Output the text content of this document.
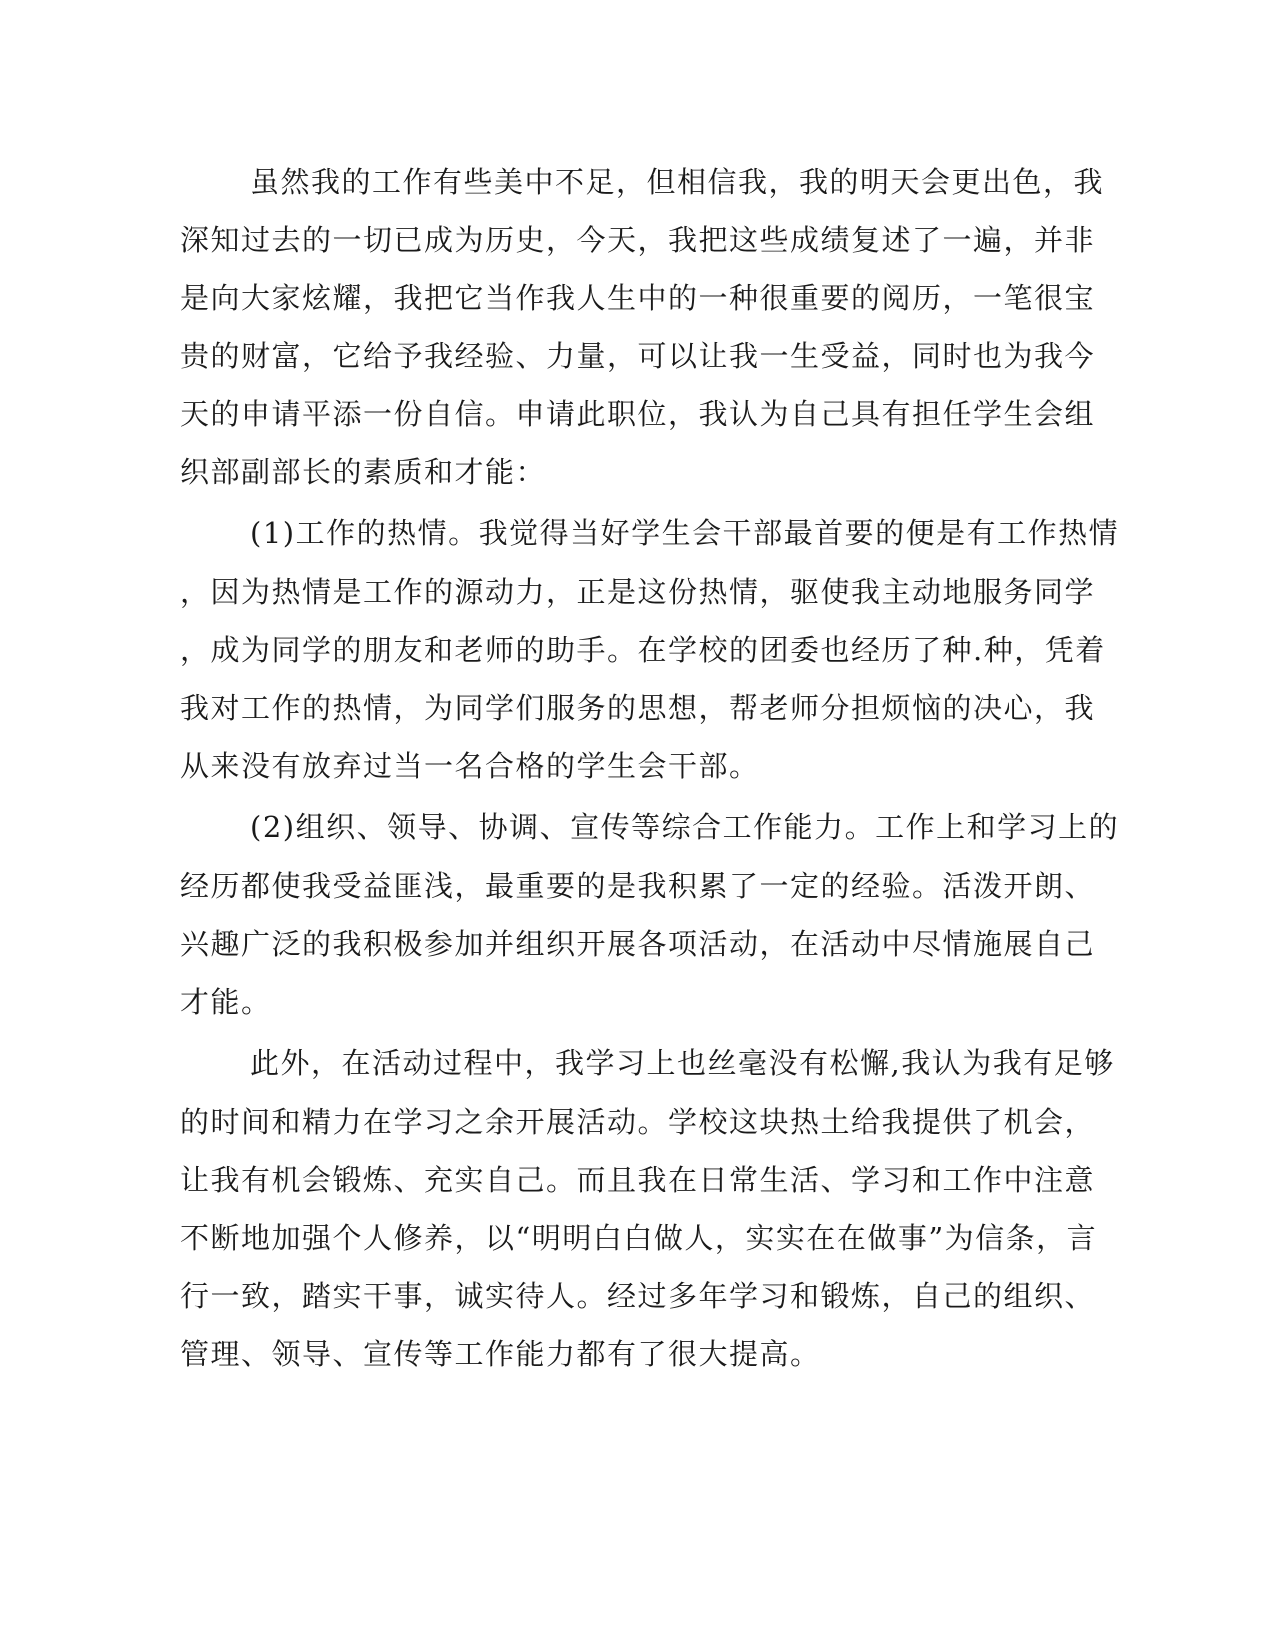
虽然我的工作有些美中不足，但相信我，我的明天会更出色，我
深知过去的一切已成为历史，今天，我把这些成绩复述了一遍，并非
是向大家炫耀，我把它当作我人生中的一种很重要的阅历，一笔很宝
贵的财富，它给予我经验、力量，可以让我一生受益，同时也为我今
天的申请平添一份自信。申请此职位，我认为自己具有担任学生会组
织部副部长的素质和才能：
(1)工作的热情。我觉得当好学生会干部最首要的便是有工作热情
，因为热情是工作的源动力，正是这份热情，驱使我主动地服务同学
，成为同学的朋友和老师的助手。在学校的团委也经历了种.种，凭着
我对工作的热情，为同学们服务的思想，帮老师分担烦恼的决心，我
从来没有放弃过当一名合格的学生会干部。
(2)组织、领导、协调、宣传等综合工作能力。工作上和学习上的
经历都使我受益匪浅，最重要的是我积累了一定的经验。活泼开朗、
兴趣广泛的我积极参加并组织开展各项活动，在活动中尽情施展自己
才能。
此外，在活动过程中，我学习上也丝毫没有松懈,我认为我有足够
的时间和精力在学习之余开展活动。学校这块热土给我提供了机会，
让我有机会锻炼、充实自己。而且我在日常生活、学习和工作中注意
不断地加强个人修养，以“明明白白做人，实实在在做事”为信条，言
行一致，踏实干事，诚实待人。经过多年学习和锻炼，自己的组织、
管理、领导、宣传等工作能力都有了很大提高。
